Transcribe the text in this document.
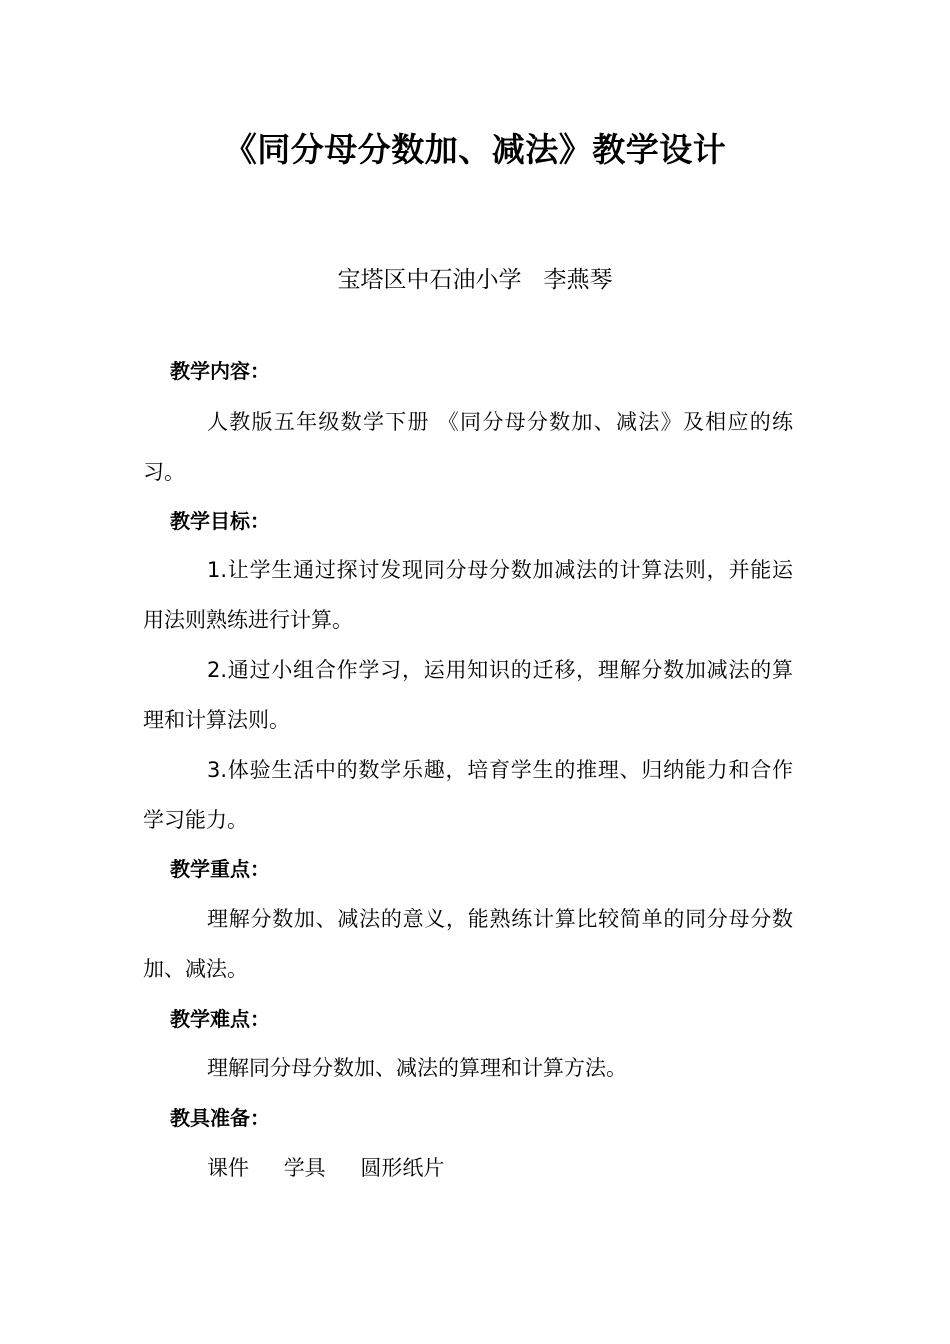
《同分母分数加、减法》教学设计
宝塔区中石油小学   李燕琴
教学内容：
人教版五年级数学下册 《同分母分数加、减法》及相应的练习。
教学目标：
1.让学生通过探讨发现同分母分数加减法的计算法则，并能运用法则熟练进行计算。
2.通过小组合作学习，运用知识的迁移，理解分数加减法的算理和计算法则。
3.体验生活中的数学乐趣，培育学生的推理、归纳能力和合作学习能力。
教学重点：
理解分数加、减法的意义，能熟练计算比较简单的同分母分数加、减法。
教学难点：
理解同分母分数加、减法的算理和计算方法。
教具准备：
课件 学具 圆形纸片
